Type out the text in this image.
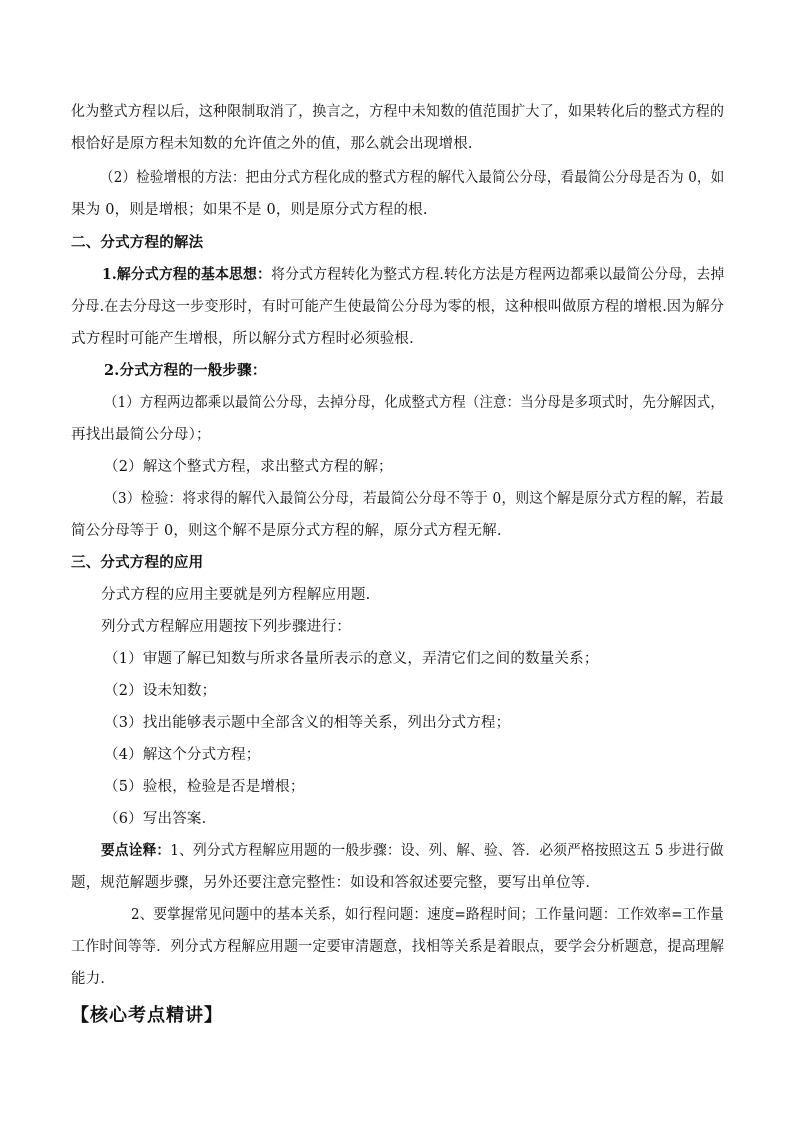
化为整式方程以后，这种限制取消了，换言之，方程中未知数的值范围扩大了，如果转化后的整式方程的
根恰好是原方程未知数的允许值之外的值，那么就会出现增根.
（2）检验增根的方法：把由分式方程化成的整式方程的解代入最简公分母，看最简公分母是否为 0，如
果为 0，则是增根；如果不是 0，则是原分式方程的根.
二、分式方程的解法
1.解分式方程的基本思想：将分式方程转化为整式方程.转化方法是方程两边都乘以最简公分母，去掉
分母.在去分母这一步变形时，有时可能产生使最简公分母为零的根，这种根叫做原方程的增根.因为解分
式方程时可能产生增根，所以解分式方程时必须验根.
2.分式方程的一般步骤：
（1）方程两边都乘以最简公分母，去掉分母，化成整式方程（注意：当分母是多项式时，先分解因式，
再找出最简公分母）；
（2）解这个整式方程，求出整式方程的解；
（3）检验：将求得的解代入最简公分母，若最简公分母不等于 0，则这个解是原分式方程的解，若最
简公分母等于 0，则这个解不是原分式方程的解，原分式方程无解.
三、分式方程的应用
分式方程的应用主要就是列方程解应用题.
列分式方程解应用题按下列步骤进行：
（1）审题了解已知数与所求各量所表示的意义，弄清它们之间的数量关系；
（2）设未知数；
（3）找出能够表示题中全部含义的相等关系，列出分式方程；
（4）解这个分式方程；
（5）验根，检验是否是增根；
（6）写出答案.
要点诠释：1、列分式方程解应用题的一般步骤：设、列、解、验、答．必须严格按照这五 5 步进行做
题，规范解题步骤，另外还要注意完整性：如设和答叙述要完整，要写出单位等．
2、要掌握常见问题中的基本关系，如行程问题：速度=路程时间；工作量问题：工作效率=工作量
工作时间等等．列分式方程解应用题一定要审清题意，找相等关系是着眼点，要学会分析题意，提高理解
能力．
【核心考点精讲】
